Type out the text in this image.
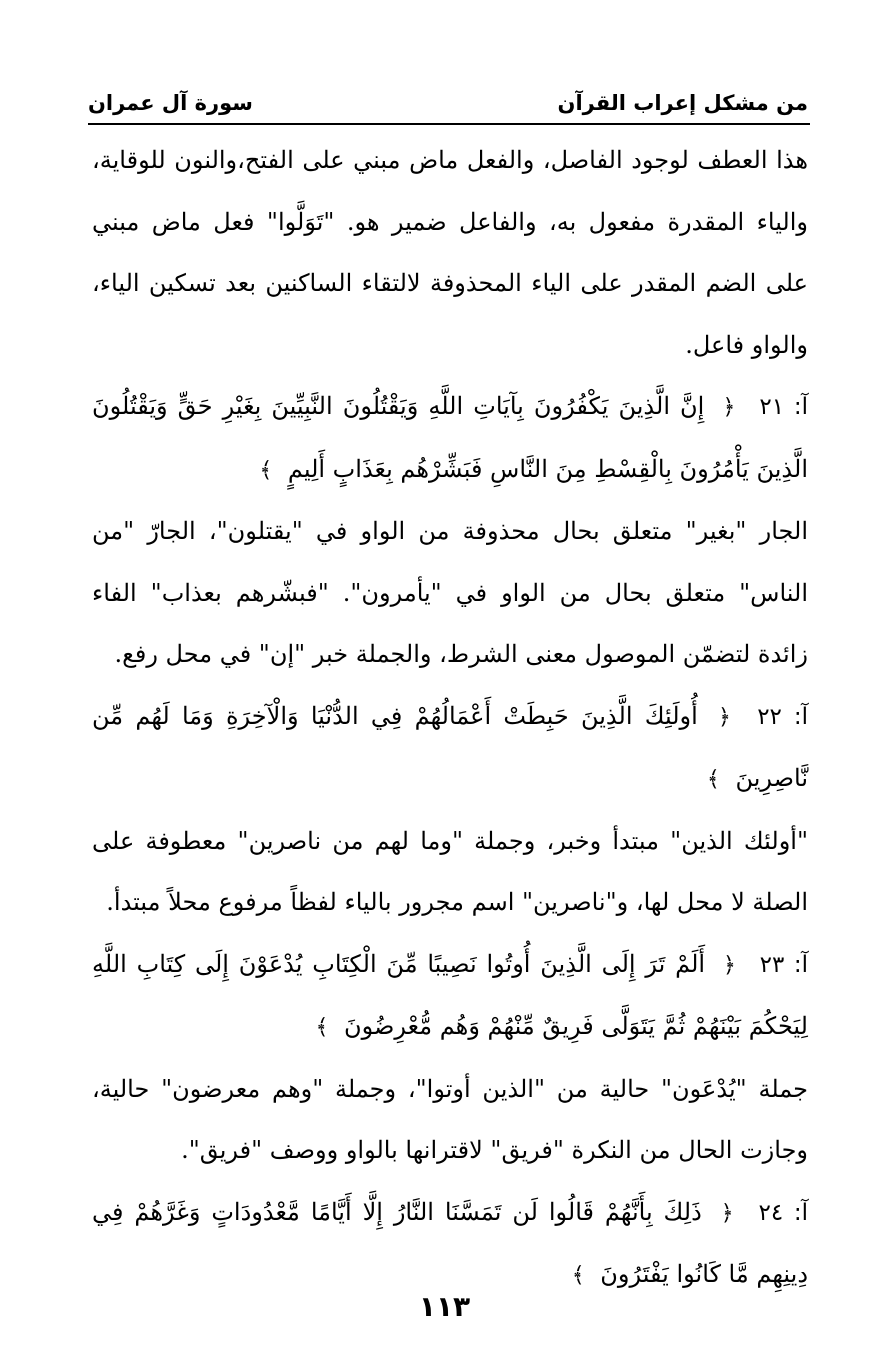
من مشكل إعراب القرآن
سورة آل عمران

هذا العطف لوجود الفاصل، والفعل ماض مبني على الفتح،والنون للوقاية، والياء المقدرة مفعول به، والفاعل ضمير هو. "تَوَلَّوا" فعل ماض مبني على الضم المقدر على الياء المحذوفة لالتقاء الساكنين بعد تسكين الياء، والواو فاعل.

آ: ٢١ ﴿ إِنَّ الَّذِينَ يَكْفُرُونَ بِآيَاتِ اللَّهِ وَيَقْتُلُونَ النَّبِيِّينَ بِغَيْرِ حَقٍّ وَيَقْتُلُونَ الَّذِينَ يَأْمُرُونَ بِالْقِسْطِ مِنَ النَّاسِ فَبَشِّرْهُم بِعَذَابٍ أَلِيمٍ ﴾

الجار "بغير" متعلق بحال محذوفة من الواو في "يقتلون"، الجارّ "من الناس" متعلق بحال من الواو في "يأمرون". "فبشّرهم بعذاب" الفاء زائدة لتضمّن الموصول معنى الشرط، والجملة خبر "إن" في محل رفع.

آ: ٢٢ ﴿ أُولَئِكَ الَّذِينَ حَبِطَتْ أَعْمَالُهُمْ فِي الدُّنْيَا وَالْآخِرَةِ وَمَا لَهُم مِّن نَّاصِرِينَ ﴾

"أولئك الذين" مبتدأ وخبر، وجملة "وما لهم من ناصرين" معطوفة على الصلة لا محل لها، و"ناصرين" اسم مجرور بالياء لفظاً مرفوع محلاً مبتدأ.

آ: ٢٣ ﴿ أَلَمْ تَرَ إِلَى الَّذِينَ أُوتُوا نَصِيبًا مِّنَ الْكِتَابِ يُدْعَوْنَ إِلَى كِتَابِ اللَّهِ لِيَحْكُمَ بَيْنَهُمْ ثُمَّ يَتَوَلَّى فَرِيقٌ مِّنْهُمْ وَهُم مُّعْرِضُونَ ﴾

جملة "يُدْعَون" حالية من "الذين أوتوا"، وجملة "وهم معرضون" حالية، وجازت الحال من النكرة "فريق" لاقترانها بالواو ووصف "فريق".

آ: ٢٤ ﴿ ذَلِكَ بِأَنَّهُمْ قَالُوا لَن تَمَسَّنَا النَّارُ إِلَّا أَيَّامًا مَّعْدُودَاتٍ وَغَرَّهُمْ فِي دِينِهِم مَّا كَانُوا يَفْتَرُونَ ﴾

١١٣
